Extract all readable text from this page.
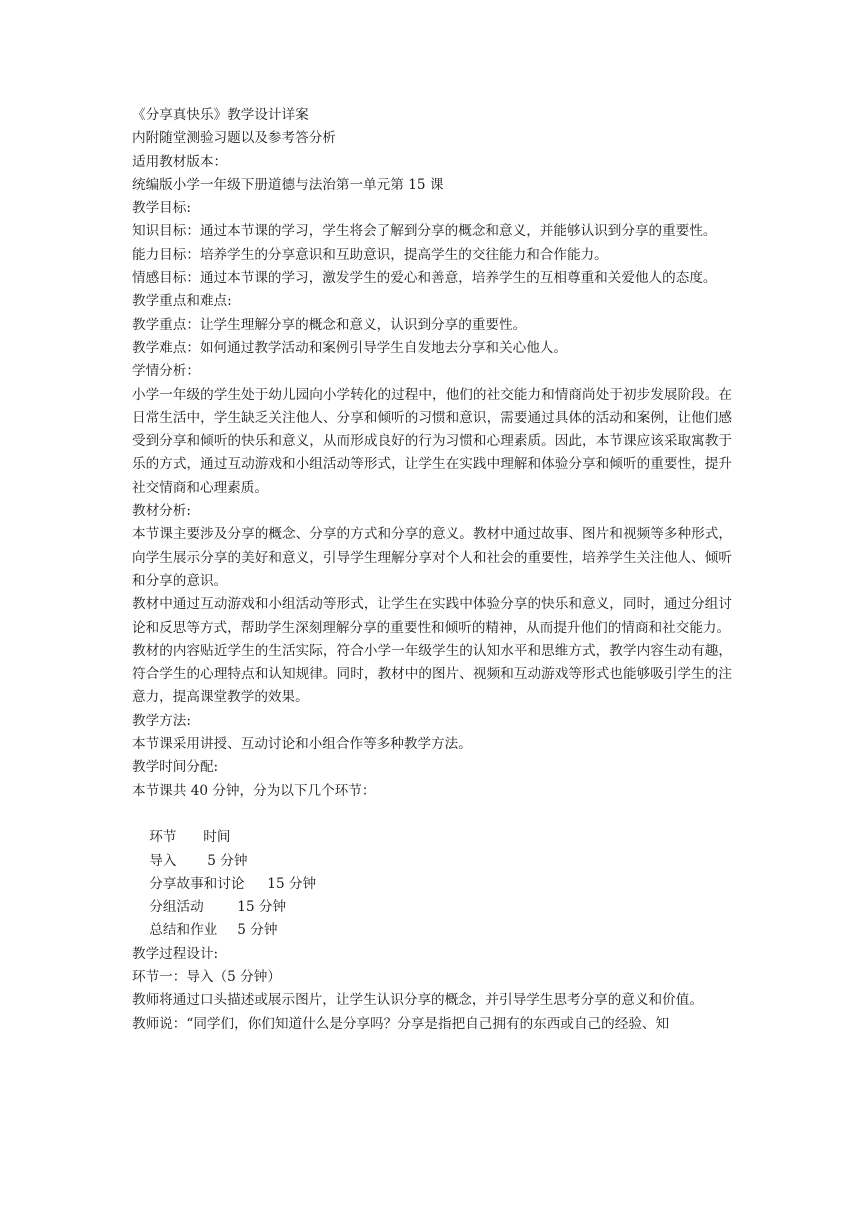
《分享真快乐》教学设计详案
内附随堂测验习题以及参考答分析
适用教材版本：
统编版小学一年级下册道德与法治第一单元第 15 课
教学目标:
知识目标：通过本节课的学习，学生将会了解到分享的概念和意义，并能够认识到分享的重要性。
能力目标：培养学生的分享意识和互助意识，提高学生的交往能力和合作能力。
情感目标：通过本节课的学习，激发学生的爱心和善意，培养学生的互相尊重和关爱他人的态度。
教学重点和难点:
教学重点：让学生理解分享的概念和意义，认识到分享的重要性。
教学难点：如何通过教学活动和案例引导学生自发地去分享和关心他人。
学情分析：
小学一年级的学生处于幼儿园向小学转化的过程中，他们的社交能力和情商尚处于初步发展阶段。在日常生活中，学生缺乏关注他人、分享和倾听的习惯和意识，需要通过具体的活动和案例，让他们感受到分享和倾听的快乐和意义，从而形成良好的行为习惯和心理素质。因此，本节课应该采取寓教于乐的方式，通过互动游戏和小组活动等形式，让学生在实践中理解和体验分享和倾听的重要性，提升社交情商和心理素质。
教材分析:
本节课主要涉及分享的概念、分享的方式和分享的意义。教材中通过故事、图片和视频等多种形式，向学生展示分享的美好和意义，引导学生理解分享对个人和社会的重要性，培养学生关注他人、倾听和分享的意识。
教材中通过互动游戏和小组活动等形式，让学生在实践中体验分享的快乐和意义，同时，通过分组讨论和反思等方式，帮助学生深刻理解分享的重要性和倾听的精神，从而提升他们的情商和社交能力。
教材的内容贴近学生的生活实际，符合小学一年级学生的认知水平和思维方式，教学内容生动有趣，符合学生的心理特点和认知规律。同时，教材中的图片、视频和互动游戏等形式也能够吸引学生的注意力，提高课堂教学的效果。
教学方法:
本节课采用讲授、互动讨论和小组合作等多种教学方法。
教学时间分配:
本节课共 40 分钟，分为以下几个环节：

环节 时间

导入 5 分钟

分享故事和讨论 15 分钟

分组活动 15 分钟

总结和作业 5 分钟

教学过程设计:
环节一：导入（5 分钟）
教师将通过口头描述或展示图片，让学生认识分享的概念，并引导学生思考分享的意义和价值。
教师说：“同学们，你们知道什么是分享吗？分享是指把自己拥有的东西或自己的经验、知
